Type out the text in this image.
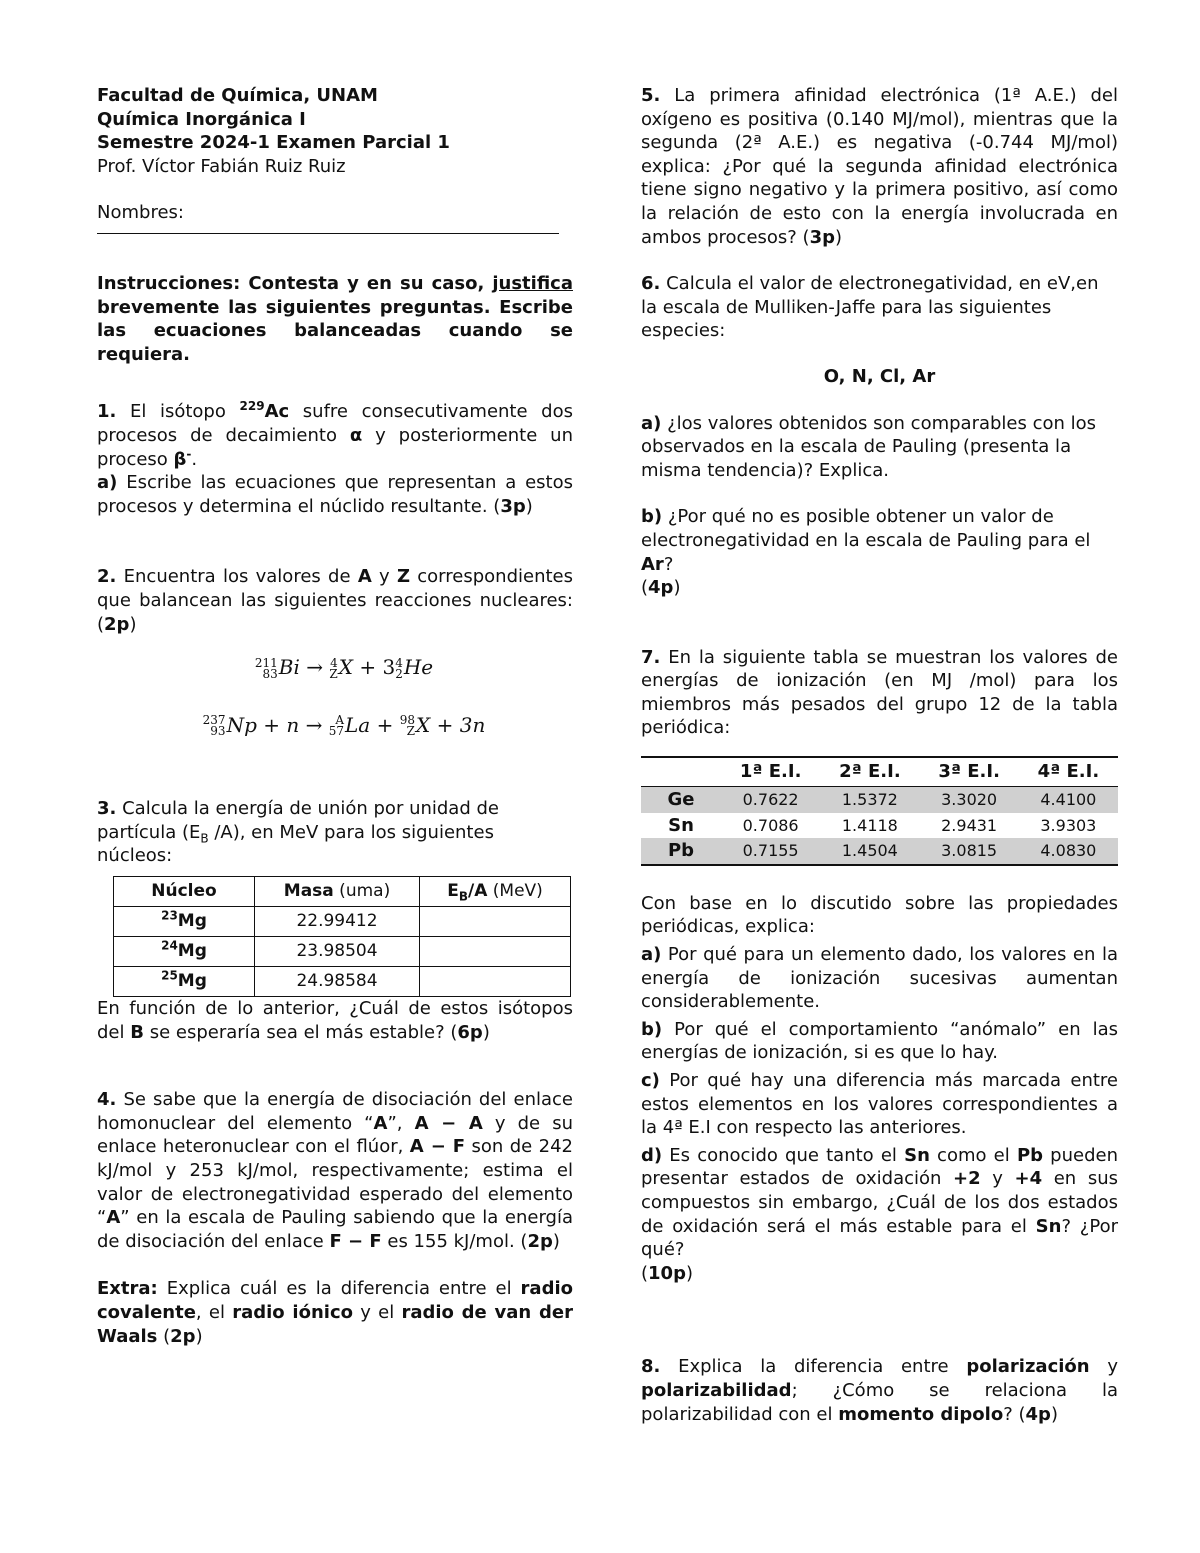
Facultad de Química, UNAM

Química Inorgánica I

Semestre 2024-1 Examen Parcial 1

Prof. Víctor Fabián Ruiz Ruiz

Nombres:

Instrucciones: Contesta y en su caso, justifica brevemente las siguientes preguntas. Escribe las ecuaciones balanceadas cuando se requiera.

1. El isótopo $^{229}$Ac sufre consecutivamente dos procesos de decaimiento α y posteriormente un proceso β-.

a) Escribe las ecuaciones que representan a estos procesos y determina el núclido resultante. (3p)

2. Encuentra los valores de A y Z correspondientes que balancean las siguientes reacciones nucleares: (2p)

211
83Bi → 4
ZX + 34
2He

237
93Np + n → A
57La + 98
ZX + 3n

3. Calcula la energía de unión por unidad de partícula ($E_B$ /A), en MeV para los siguientes núcleos:

Núcleo	Masa (uma)	$E_B/A$ (MeV)
$^{23}$Mg	22.99412	
$^{24}$Mg	23.98504	
$^{25}$Mg	24.98584	

En función de lo anterior, ¿Cuál de estos isótopos del B se esperaría sea el más estable? (6p)

4. Se sabe que la energía de disociación del enlace homonuclear del elemento “A”, A − A y de su enlace heteronuclear con el flúor, A − F son de 242 kJ/mol y 253 kJ/mol, respectivamente; estima el valor de electronegatividad esperado del elemento “A” en la escala de Pauling sabiendo que la energía de disociación del enlace F − F es 155 kJ/mol. (2p)

Extra: Explica cuál es la diferencia entre el radio covalente, el radio iónico y el radio de van der Waals (2p)

5. La primera afinidad electrónica (1ª A.E.) del oxígeno es positiva (0.140 MJ/mol), mientras que la segunda (2ª A.E.) es negativa (-0.744 MJ/mol) explica: ¿Por qué la segunda afinidad electrónica tiene signo negativo y la primera positivo, así como la relación de esto con la energía involucrada en ambos procesos? (3p)

6. Calcula el valor de electronegatividad, en eV,en la escala de Mulliken-Jaffe para las siguientes especies:

O, N, Cl, Ar

a) ¿los valores obtenidos son comparables con los observados en la escala de Pauling (presenta la misma tendencia)? Explica.

b) ¿Por qué no es posible obtener un valor de electronegatividad en la escala de Pauling para el Ar?
(4p)

7. En la siguiente tabla se muestran los valores de energías de ionización (en MJ /mol) para los miembros más pesados del grupo 12 de la tabla periódica:

	1ª E.I.	2ª E.I.	3ª E.I.	4ª E.I.
Ge	0.7622	1.5372	3.3020	4.4100
Sn	0.7086	1.4118	2.9431	3.9303
Pb	0.7155	1.4504	3.0815	4.0830

Con base en lo discutido sobre las propiedades periódicas, explica:

a) Por qué para un elemento dado, los valores en la energía de ionización sucesivas aumentan considerablemente.

b) Por qué el comportamiento “anómalo” en las energías de ionización, si es que lo hay.

c) Por qué hay una diferencia más marcada entre estos elementos en los valores correspondientes a la 4ª E.I con respecto las anteriores.

d) Es conocido que tanto el Sn como el Pb pueden presentar estados de oxidación +2 y +4 en sus compuestos sin embargo, ¿Cuál de los dos estados de oxidación será el más estable para el Sn? ¿Por qué?
(10p)

8. Explica la diferencia entre polarización y polarizabilidad; ¿Cómo se relaciona la polarizabilidad con el momento dipolo? (4p)
